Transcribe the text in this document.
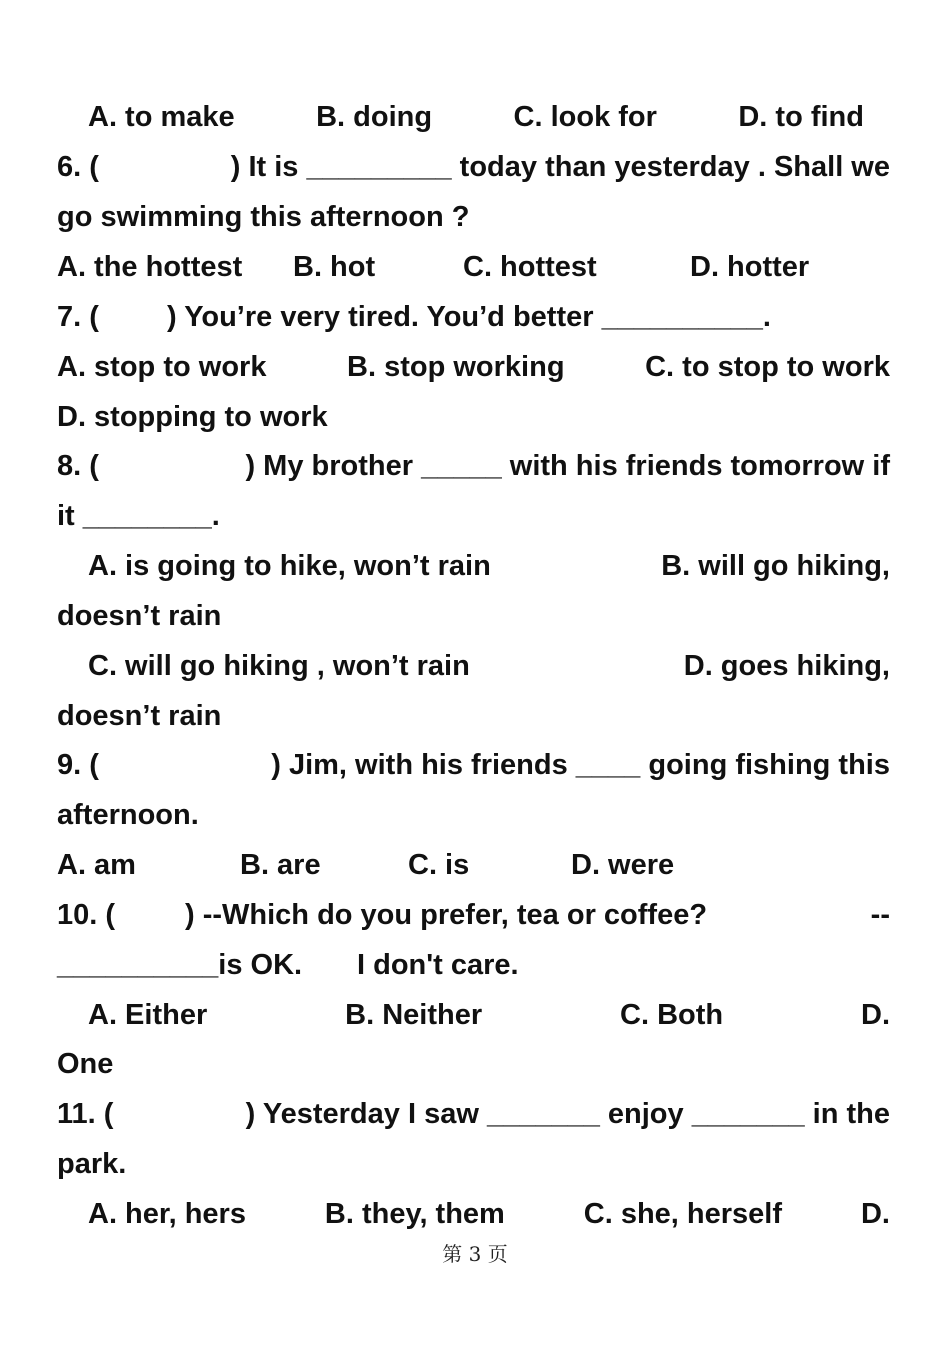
A. to make	B. doing	C. look for	D. to find
6. (	) It is _________ today than yesterday . Shall we
go swimming this afternoon ?
A. the hottest B. hot	C. hottest	D. hotter
7. ( ) You’re very tired. You’d better __________.
A. stop to work	B. stop working	C. to stop to work
D. stopping to work
8. (	) My brother _____ with his friends tomorrow if
it ________.
A. is going to hike, won’t rain	B. will go hiking,
doesn’t rain
C. will go hiking , won’t rain	D. goes hiking,
doesn’t rain
9. (	) Jim, with his friends ____ going fishing this
afternoon.
A. am	B. are	C. is	D. were
10. ( ) --Which do you prefer, tea or coffee?	--
__________is OK. I don't care.
A. Either	B. Neither	C. Both	D.
One
11. (	) Yesterday I saw _______ enjoy _______ in the
park.
A. her, hers	B. they, them	C. she, herself	D.
第 3 页
